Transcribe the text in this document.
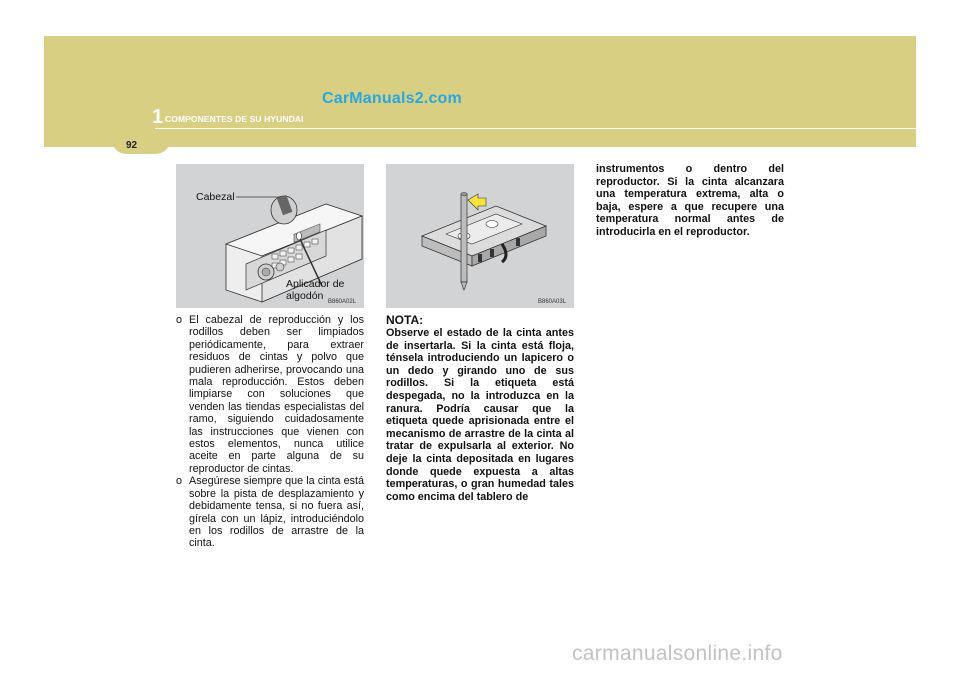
1 COMPONENTES DE SU HYUNDAI
92
CarManuals2.com
Cabezal
Aplicador de algodón B860A02L	B860A03L
o El cabezal de reproducción y los rodillos deben ser limpiados periódicamente, para extraer residuos de cintas y polvo que pudieren adherirse, provocando una mala reproducción. Estos deben limpiarse con soluciones que venden las tiendas especialistas del ramo, siguiendo cuidadosamente las instrucciones que vienen con estos elementos, nunca utilice aceite en parte alguna de su reproductor de cintas.
o Asegúrese siempre que la cinta está sobre la pista de desplazamiento y debidamente tensa, si no fuera así, gírela con un lápiz, introduciéndolo en los rodillos de arrastre de la cinta.
NOTA:
Observe el estado de la cinta antes de insertarla. Si la cinta está floja, ténsela introduciendo un lapicero o un dedo y girando uno de sus rodillos. Si la etiqueta está despegada, no la introduzca en la ranura. Podría causar que la etiqueta quede aprisionada entre el mecanismo de arrastre de la cinta al tratar de expulsarla al exterior. No deje la cinta depositada en lugares donde quede expuesta a altas temperaturas, o gran humedad tales como encima del tablero de
instrumentos o dentro del reproductor. Si la cinta alcanzara una temperatura extrema, alta o baja, espere a que recupere una temperatura normal antes de introducirla en el reproductor.
carmanualsonline.info
